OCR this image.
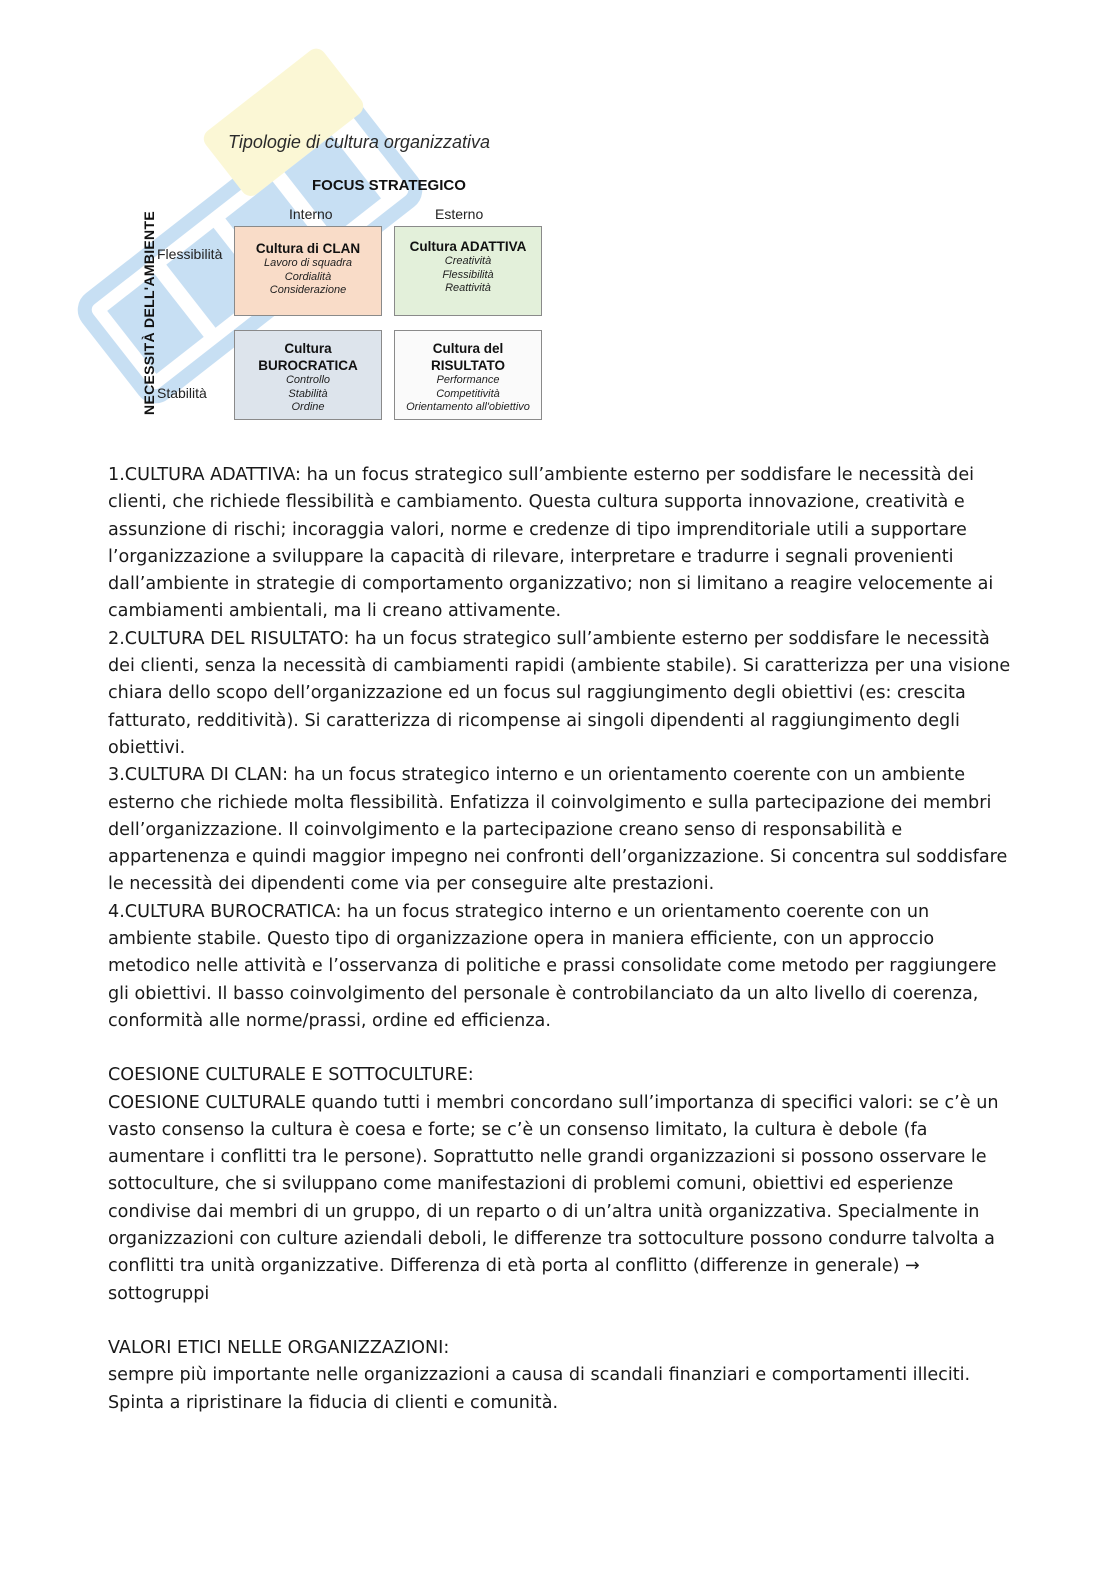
Tipologie di cultura organizzativa
FOCUS STRATEGICO
Interno	Esterno
Flessibilità
Stabilità
NECESSITÀ DELL'AMBIENTE	Cultura di CLAN
Lavoro di squadra
Cordialità
Considerazione
Cultura ADATTIVA
Creatività
Flessibilità
Reattività
Cultura
BUROCRATICA
Controllo
Stabilità
Ordine
Cultura del
RISULTATO
Performance
Competitività
Orientamento all'obiettivo

1.CULTURA ADATTIVA: ha un focus strategico sull’ambiente esterno per soddisfare le necessità dei clienti, che richiede flessibilità e cambiamento. Questa cultura supporta innovazione, creatività e assunzione di rischi; incoraggia valori, norme e credenze di tipo imprenditoriale utili a supportare l’organizzazione a sviluppare la capacità di rilevare, interpretare e tradurre i segnali provenienti dall’ambiente in strategie di comportamento organizzativo; non si limitano a reagire velocemente ai cambiamenti ambientali, ma li creano attivamente.

2.CULTURA DEL RISULTATO: ha un focus strategico sull’ambiente esterno per soddisfare le necessità dei clienti, senza la necessità di cambiamenti rapidi (ambiente stabile). Si caratterizza per una visione chiara dello scopo dell’organizzazione ed un focus sul raggiungimento degli obiettivi (es: crescita fatturato, redditività). Si caratterizza di ricompense ai singoli dipendenti al raggiungimento degli obiettivi.

3.CULTURA DI CLAN: ha un focus strategico interno e un orientamento coerente con un ambiente esterno che richiede molta flessibilità. Enfatizza il coinvolgimento e sulla partecipazione dei membri dell’organizzazione. Il coinvolgimento e la partecipazione creano senso di responsabilità e appartenenza e quindi maggior impegno nei confronti dell’organizzazione. Si concentra sul soddisfare le necessità dei dipendenti come via per conseguire alte prestazioni.

4.CULTURA BUROCRATICA: ha un focus strategico interno e un orientamento coerente con un ambiente stabile. Questo tipo di organizzazione opera in maniera efficiente, con un approccio metodico nelle attività e l’osservanza di politiche e prassi consolidate come metodo per raggiungere gli obiettivi. Il basso coinvolgimento del personale è controbilanciato da un alto livello di coerenza, conformità alle norme/prassi, ordine ed efficienza.

COESIONE CULTURALE E SOTTOCULTURE:

COESIONE CULTURALE quando tutti i membri concordano sull’importanza di specifici valori: se c’è un vasto consenso la cultura è coesa e forte; se c’è un consenso limitato, la cultura è debole (fa aumentare i conflitti tra le persone). Soprattutto nelle grandi organizzazioni si possono osservare le sottoculture, che si sviluppano come manifestazioni di problemi comuni, obiettivi ed esperienze condivise dai membri di un gruppo, di un reparto o di un’altra unità organizzativa. Specialmente in organizzazioni con culture aziendali deboli, le differenze tra sottoculture possono condurre talvolta a conflitti tra unità organizzative. Differenza di età porta al conflitto (differenze in generale) → sottogruppi

VALORI ETICI NELLE ORGANIZZAZIONI:

sempre più importante nelle organizzazioni a causa di scandali finanziari e comportamenti illeciti. Spinta a ripristinare la fiducia di clienti e comunità.
